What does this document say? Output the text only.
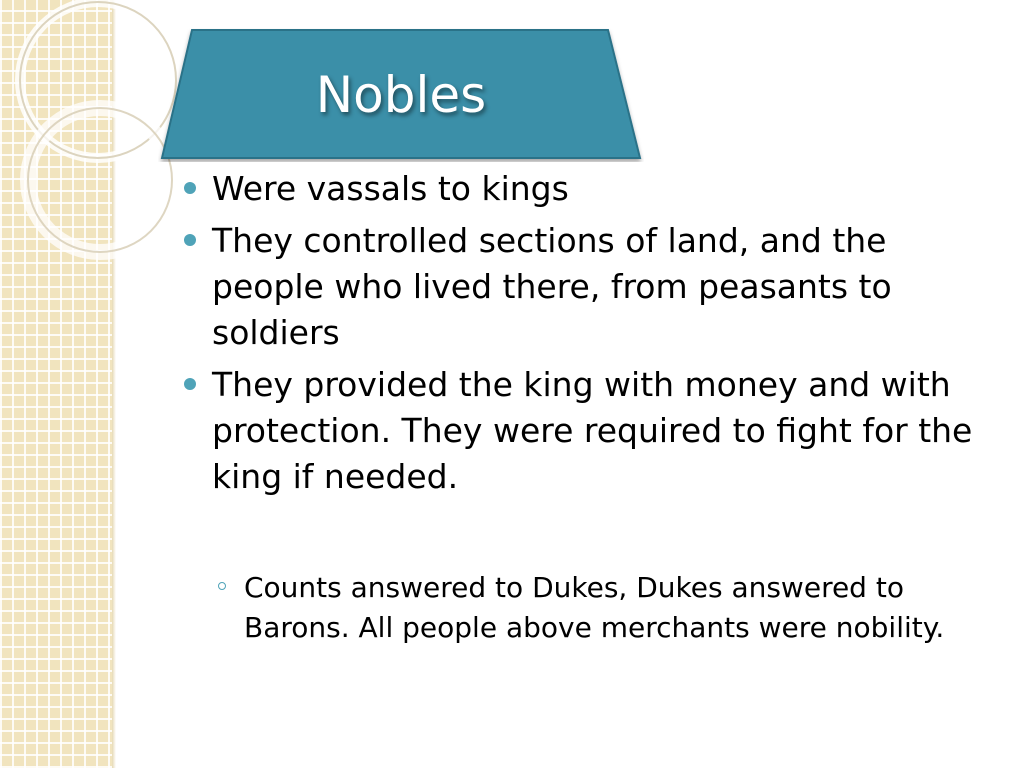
Nobles
Were vassals to kings
They controlled sections of land, and the people who lived there, from peasants to soldiers
They provided the king with money and with protection. They were required to fight for the king if needed.
Counts answered to Dukes, Dukes answered to Barons. All people above merchants were nobility.
